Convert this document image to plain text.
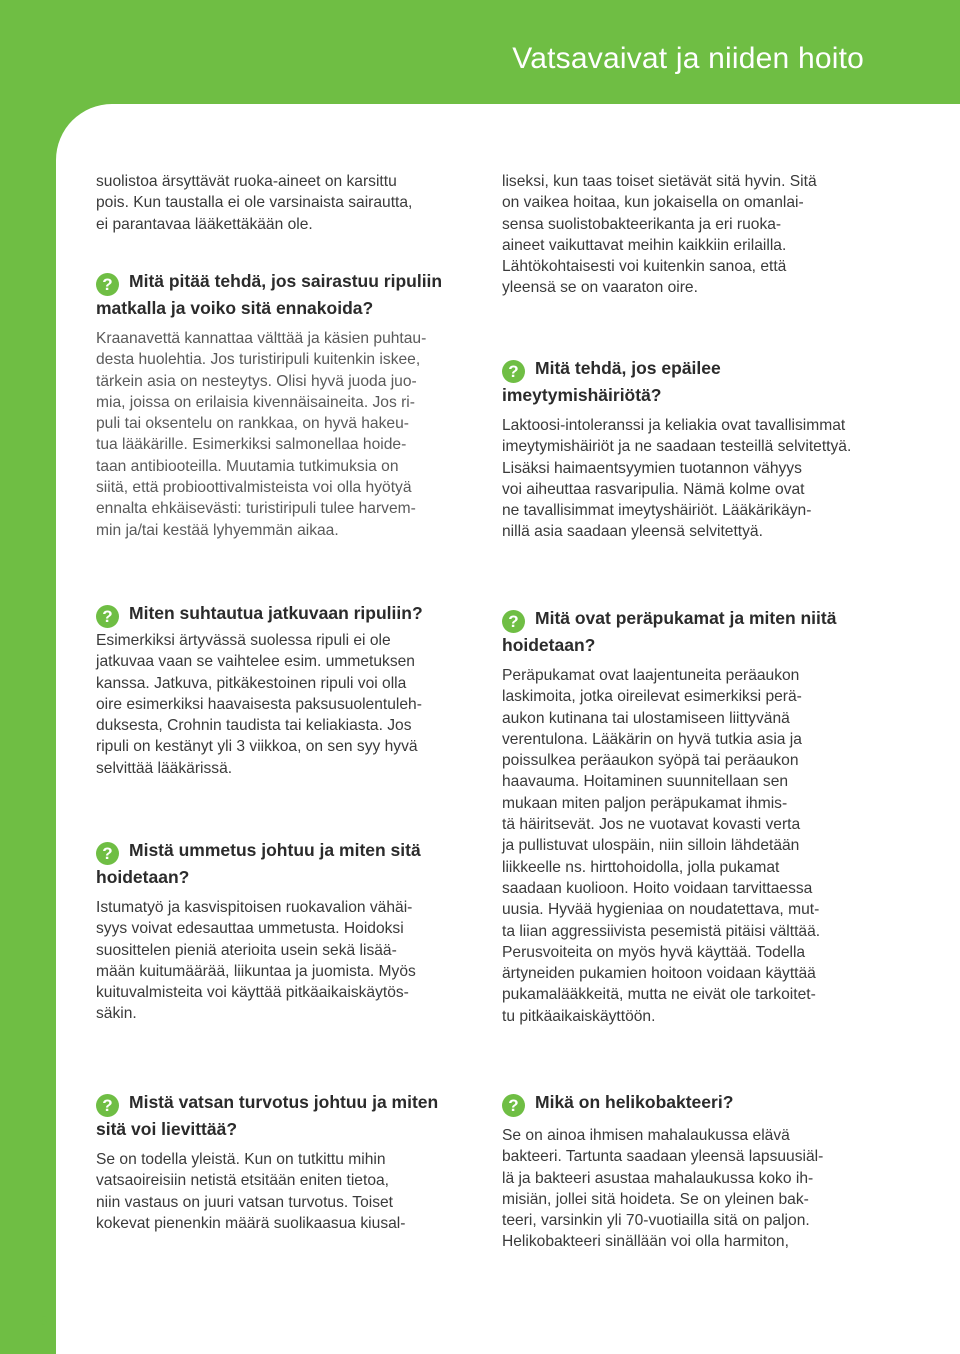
Vatsavaivat ja niiden hoito

suolistoa ärsyttävät ruoka-aineet on karsittu
pois. Kun taustalla ei ole varsinaista sairautta,
ei parantavaa lääkettäkään ole.

? Mitä pitää tehdä, jos sairastuu ripuliin
matkalla ja voiko sitä ennakoida?

Kraanavettä kannattaa välttää ja käsien puhtau-
desta huolehtia. Jos turistiripuli kuitenkin iskee,
tärkein asia on nesteytys. Olisi hyvä juoda juo-
mia, joissa on erilaisia kivennäisaineita. Jos ri-
puli tai oksentelu on rankkaa, on hyvä hakeu-
tua lääkärille. Esimerkiksi salmonellaa hoide-
taan antibiooteilla. Muutamia tutkimuksia on
siitä, että probioottivalmisteista voi olla hyötyä
ennalta ehkäisevästi: turistiripuli tulee harvem-
min ja/tai kestää lyhyemmän aikaa.

liseksi, kun taas toiset sietävät sitä hyvin. Sitä
on vaikea hoitaa, kun jokaisella on omanlai-
sensa suolistobakteerikanta ja eri ruoka-
aineet vaikuttavat meihin kaikkiin erilailla.
Lähtökohtaisesti voi kuitenkin sanoa, että
yleensä se on vaaraton oire.

? Mitä tehdä, jos epäilee
imeytymishäiriötä?

Laktoosi-intoleranssi ja keliakia ovat tavallisimmat
imeytymishäiriöt ja ne saadaan testeillä selvitettyä.
Lisäksi haimaentsyymien tuotannon vähyys
voi aiheuttaa rasvaripulia. Nämä kolme ovat
ne tavallisimmat imeytyshäiriöt. Lääkärikäyn-
nillä asia saadaan yleensä selvitettyä.

? Miten suhtautua jatkuvaan ripuliin?

Esimerkiksi ärtyvässä suolessa ripuli ei ole
jatkuvaa vaan se vaihtelee esim. ummetuksen
kanssa. Jatkuva, pitkäkestoinen ripuli voi olla
oire esimerkiksi haavaisesta paksusuolentuleh-
duksesta, Crohnin taudista tai keliakiasta. Jos
ripuli on kestänyt yli 3 viikkoa, on sen syy hyvä
selvittää lääkärissä.

? Mistä ummetus johtuu ja miten sitä
hoidetaan?

Istumatyö ja kasvispitoisen ruokavalion vähäi-
syys voivat edesauttaa ummetusta. Hoidoksi
suosittelen pieniä aterioita usein sekä lisää-
mään kuitumäärää, liikuntaa ja juomista. Myös
kuituvalmisteita voi käyttää pitkäaikaiskäytös-
säkin.

? Mitä ovat peräpukamat ja miten niitä
hoidetaan?

Peräpukamat ovat laajentuneita peräaukon
laskimoita, jotka oireilevat esimerkiksi perä-
aukon kutinana tai ulostamiseen liittyvänä
verentulona. Lääkärin on hyvä tutkia asia ja
poissulkea peräaukon syöpä tai peräaukon
haavauma. Hoitaminen suunnitellaan sen
mukaan miten paljon peräpukamat ihmis-
tä häiritsevät. Jos ne vuotavat kovasti verta
ja pullistuvat ulospäin, niin silloin lähdetään
liikkeelle ns. hirttohoidolla, jolla pukamat
saadaan kuolioon. Hoito voidaan tarvittaessa
uusia. Hyvää hygieniaa on noudatettava, mut-
ta liian aggressiivista pesemistä pitäisi välttää.
Perusvoiteita on myös hyvä käyttää. Todella
ärtyneiden pukamien hoitoon voidaan käyttää
pukamalääkkeitä, mutta ne eivät ole tarkoitet-
tu pitkäaikaiskäyttöön.

? Mistä vatsan turvotus johtuu ja miten
sitä voi lievittää?

Se on todella yleistä. Kun on tutkittu mihin
vatsaoireisiin netistä etsitään eniten tietoa,
niin vastaus on juuri vatsan turvotus. Toiset
kokevat pienenkin määrä suolikaasua kiusal-

? Mikä on helikobakteeri?

Se on ainoa ihmisen mahalaukussa elävä
bakteeri. Tartunta saadaan yleensä lapsuusiäl-
lä ja bakteeri asustaa mahalaukussa koko ih-
misiän, jollei sitä hoideta. Se on yleinen bak-
teeri, varsinkin yli 70-vuotiailla sitä on paljon.
Helikobakteeri sinällään voi olla harmiton,

6
